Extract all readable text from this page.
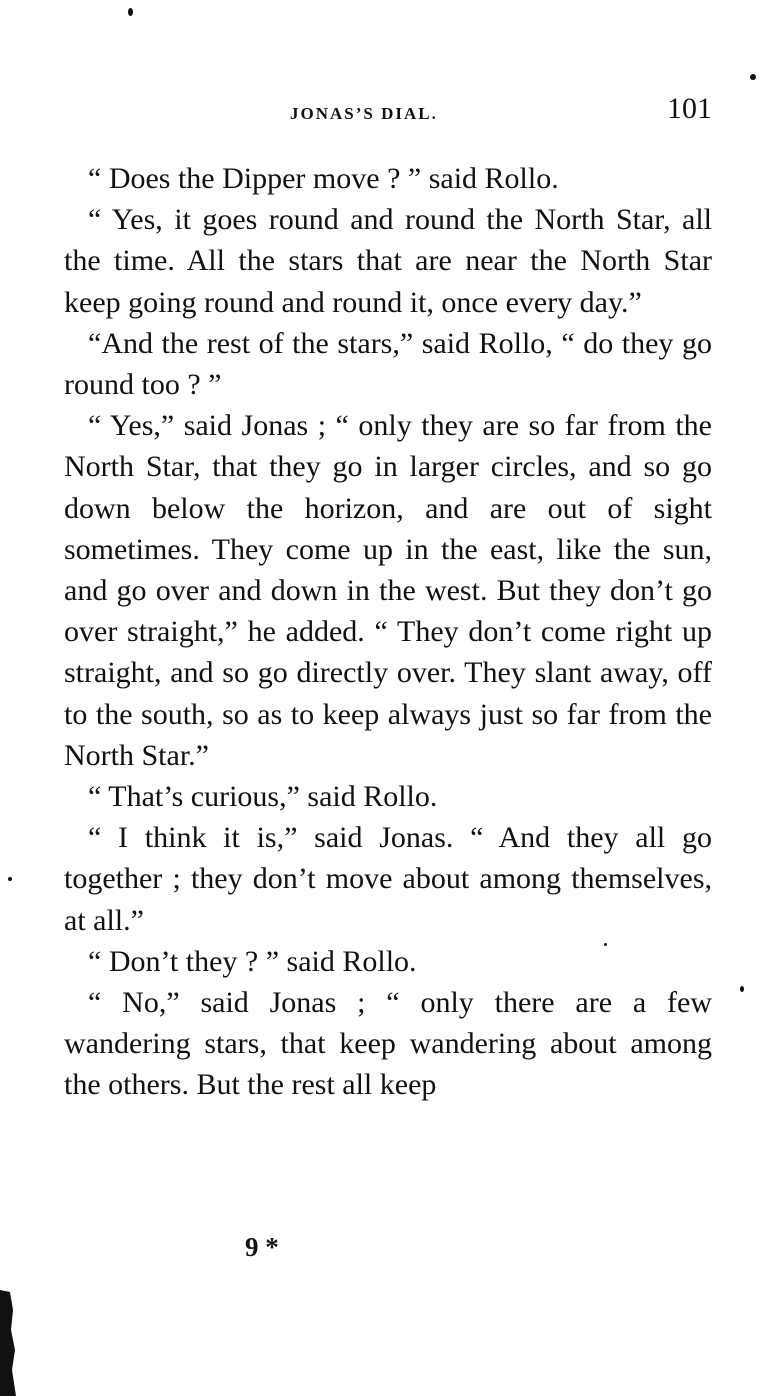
JONAS’S DIAL.	101

“ Does the Dipper move ? ” said Rollo.

“ Yes, it goes round and round the North Star, all the time. All the stars that are near the North Star keep going round and round it, once every day.”

“And the rest of the stars,” said Rollo, “ do they go round too ? ”

“ Yes,” said Jonas ; “ only they are so far from the North Star, that they go in larger circles, and so go down below the horizon, and are out of sight sometimes. They come up in the east, like the sun, and go over and down in the west. But they don’t go over straight,” he added. “ They don’t come right up straight, and so go directly over. They slant away, off to the south, so as to keep always just so far from the North Star.”

“ That’s curious,” said Rollo.

“ I think it is,” said Jonas. “ And they all go together ; they don’t move about among themselves, at all.”

“ Don’t they ? ” said Rollo.

“ No,” said Jonas ; “ only there are a few wandering stars, that keep wandering about among the others. But the rest all keep

9 *
